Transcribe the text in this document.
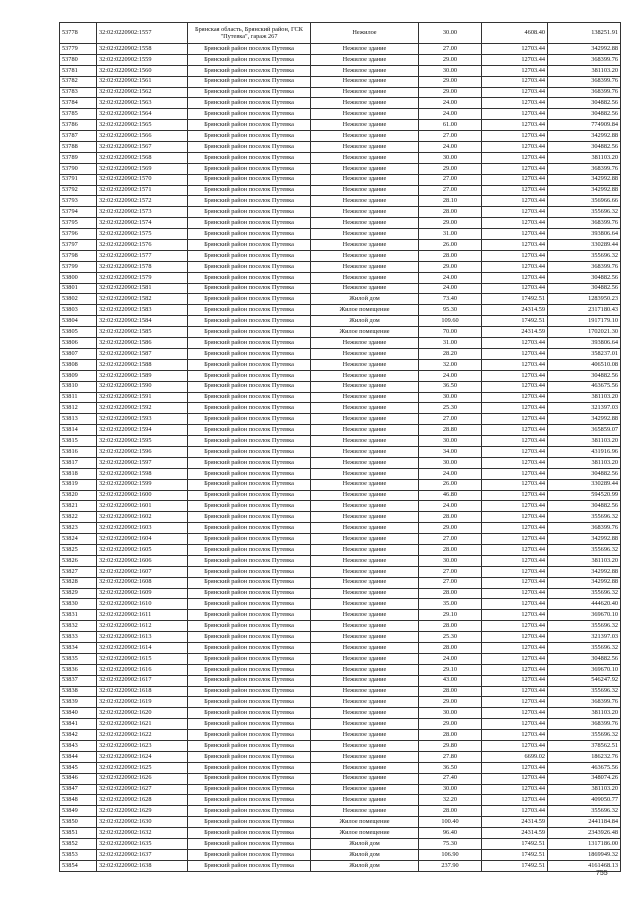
53778	32:02:0220902:1557	Брянская область, Брянский район, ГСК "Путевка", гараж 267	Нежилое	30.00	4608.40	138251.91
53779	32:02:0220902:1558	Брянский район поселок Путевка	Нежилое здание	27.00	12703.44	342992.88
53780	32:02:0220902:1559	Брянский район поселок Путевка	Нежилое здание	29.00	12703.44	368399.76
53781	32:02:0220902:1560	Брянский район поселок Путевка	Нежилое здание	30.00	12703.44	381103.20
53782	32:02:0220902:1561	Брянский район поселок Путевка	Нежилое здание	29.00	12703.44	368399.76
53783	32:02:0220902:1562	Брянский район поселок Путевка	Нежилое здание	29.00	12703.44	368399.76
53784	32:02:0220902:1563	Брянский район поселок Путевка	Нежилое здание	24.00	12703.44	304882.56
53785	32:02:0220902:1564	Брянский район поселок Путевка	Нежилое здание	24.00	12703.44	304882.56
53786	32:02:0220902:1565	Брянский район поселок Путевка	Нежилое здание	61.00	12703.44	774909.84
53787	32:02:0220902:1566	Брянский район поселок Путевка	Нежилое здание	27.00	12703.44	342992.88
53788	32:02:0220902:1567	Брянский район поселок Путевка	Нежилое здание	24.00	12703.44	304882.56
53789	32:02:0220902:1568	Брянский район поселок Путевка	Нежилое здание	30.00	12703.44	381103.20
53790	32:02:0220902:1569	Брянский район поселок Путевка	Нежилое здание	29.00	12703.44	368399.76
53791	32:02:0220902:1570	Брянский район поселок Путевка	Нежилое здание	27.00	12703.44	342992.88
53792	32:02:0220902:1571	Брянский район поселок Путевка	Нежилое здание	27.00	12703.44	342992.88
53793	32:02:0220902:1572	Брянский район поселок Путевка	Нежилое здание	28.10	12703.44	356966.66
53794	32:02:0220902:1573	Брянский район поселок Путевка	Нежилое здание	28.00	12703.44	355696.32
53795	32:02:0220902:1574	Брянский район поселок Путевка	Нежилое здание	29.00	12703.44	368399.76
53796	32:02:0220902:1575	Брянский район поселок Путевка	Нежилое здание	31.00	12703.44	393806.64
53797	32:02:0220902:1576	Брянский район поселок Путевка	Нежилое здание	26.00	12703.44	330289.44
53798	32:02:0220902:1577	Брянский район поселок Путевка	Нежилое здание	28.00	12703.44	355696.32
53799	32:02:0220902:1578	Брянский район поселок Путевка	Нежилое здание	29.00	12703.44	368399.76
53800	32:02:0220902:1579	Брянский район поселок Путевка	Нежилое здание	24.00	12703.44	304882.56
53801	32:02:0220902:1581	Брянский район поселок Путевка	Нежилое здание	24.00	12703.44	304882.56
53802	32:02:0220902:1582	Брянский район поселок Путевка	Жилой дом	73.40	17492.51	1283950.23
53803	32:02:0220902:1583	Брянский район поселок Путевка	Жилое помещение	95.30	24314.59	2317180.43
53804	32:02:0220902:1584	Брянский район поселок Путевка	Жилой дом	109.60	17492.51	1917179.10
53805	32:02:0220902:1585	Брянский район поселок Путевка	Жилое помещение	70.00	24314.59	1702021.30
53806	32:02:0220902:1586	Брянский район поселок Путевка	Нежилое здание	31.00	12703.44	393806.64
53807	32:02:0220902:1587	Брянский район поселок Путевка	Нежилое здание	28.20	12703.44	358237.01
53808	32:02:0220902:1588	Брянский район поселок Путевка	Нежилое здание	32.00	12703.44	406510.08
53809	32:02:0220902:1589	Брянский район поселок Путевка	Нежилое здание	24.00	12703.44	304882.56
53810	32:02:0220902:1590	Брянский район поселок Путевка	Нежилое здание	36.50	12703.44	463675.56
53811	32:02:0220902:1591	Брянский район поселок Путевка	Нежилое здание	30.00	12703.44	381103.20
53812	32:02:0220902:1592	Брянский район поселок Путевка	Нежилое здание	25.30	12703.44	321397.03
53813	32:02:0220902:1593	Брянский район поселок Путевка	Нежилое здание	27.00	12703.44	342992.88
53814	32:02:0220902:1594	Брянский район поселок Путевка	Нежилое здание	28.80	12703.44	365859.07
53815	32:02:0220902:1595	Брянский район поселок Путевка	Нежилое здание	30.00	12703.44	381103.20
53816	32:02:0220902:1596	Брянский район поселок Путевка	Нежилое здание	34.00	12703.44	431916.96
53817	32:02:0220902:1597	Брянский район поселок Путевка	Нежилое здание	30.00	12703.44	381103.20
53818	32:02:0220902:1598	Брянский район поселок Путевка	Нежилое здание	24.00	12703.44	304882.56
53819	32:02:0220902:1599	Брянский район поселок Путевка	Нежилое здание	26.00	12703.44	330289.44
53820	32:02:0220902:1600	Брянский район поселок Путевка	Нежилое здание	46.80	12703.44	594520.99
53821	32:02:0220902:1601	Брянский район поселок Путевка	Нежилое здание	24.00	12703.44	304882.56
53822	32:02:0220902:1602	Брянский район поселок Путевка	Нежилое здание	28.00	12703.44	355696.32
53823	32:02:0220902:1603	Брянский район поселок Путевка	Нежилое здание	29.00	12703.44	368399.76
53824	32:02:0220902:1604	Брянский район поселок Путевка	Нежилое здание	27.00	12703.44	342992.88
53825	32:02:0220902:1605	Брянский район поселок Путевка	Нежилое здание	28.00	12703.44	355696.32
53826	32:02:0220902:1606	Брянский район поселок Путевка	Нежилое здание	30.00	12703.44	381103.20
53827	32:02:0220902:1607	Брянский район поселок Путевка	Нежилое здание	27.00	12703.44	342992.88
53828	32:02:0220902:1608	Брянский район поселок Путевка	Нежилое здание	27.00	12703.44	342992.88
53829	32:02:0220902:1609	Брянский район поселок Путевка	Нежилое здание	28.00	12703.44	355696.32
53830	32:02:0220902:1610	Брянский район поселок Путевка	Нежилое здание	35.00	12703.44	444620.40
53831	32:02:0220902:1611	Брянский район поселок Путевка	Нежилое здание	29.10	12703.44	369670.10
53832	32:02:0220902:1612	Брянский район поселок Путевка	Нежилое здание	28.00	12703.44	355696.32
53833	32:02:0220902:1613	Брянский район поселок Путевка	Нежилое здание	25.30	12703.44	321397.03
53834	32:02:0220902:1614	Брянский район поселок Путевка	Нежилое здание	28.00	12703.44	355696.32
53835	32:02:0220902:1615	Брянский район поселок Путевка	Нежилое здание	24.00	12703.44	304882.56
53836	32:02:0220902:1616	Брянский район поселок Путевка	Нежилое здание	29.10	12703.44	369670.10
53837	32:02:0220902:1617	Брянский район поселок Путевка	Нежилое здание	43.00	12703.44	546247.92
53838	32:02:0220902:1618	Брянский район поселок Путевка	Нежилое здание	28.00	12703.44	355696.32
53839	32:02:0220902:1619	Брянский район поселок Путевка	Нежилое здание	29.00	12703.44	368399.76
53840	32:02:0220902:1620	Брянский район поселок Путевка	Нежилое здание	30.00	12703.44	381103.20
53841	32:02:0220902:1621	Брянский район поселок Путевка	Нежилое здание	29.00	12703.44	368399.76
53842	32:02:0220902:1622	Брянский район поселок Путевка	Нежилое здание	28.00	12703.44	355696.32
53843	32:02:0220902:1623	Брянский район поселок Путевка	Нежилое здание	29.80	12703.44	378562.51
53844	32:02:0220902:1624	Брянский район поселок Путевка	Нежилое здание	27.80	6699.02	186232.76
53845	32:02:0220902:1625	Брянский район поселок Путевка	Нежилое здание	36.50	12703.44	463675.56
53846	32:02:0220902:1626	Брянский район поселок Путевка	Нежилое здание	27.40	12703.44	348074.26
53847	32:02:0220902:1627	Брянский район поселок Путевка	Нежилое здание	30.00	12703.44	381103.20
53848	32:02:0220902:1628	Брянский район поселок Путевка	Нежилое здание	32.20	12703.44	409050.77
53849	32:02:0220902:1629	Брянский район поселок Путевка	Нежилое здание	28.00	12703.44	355696.32
53850	32:02:0220902:1630	Брянский район поселок Путевка	Жилое помещение	100.40	24314.59	2441184.84
53851	32:02:0220902:1632	Брянский район поселок Путевка	Жилое помещение	96.40	24314.59	2343926.48
53852	32:02:0220902:1635	Брянский район поселок Путевка	Жилой дом	75.30	17492.51	1317186.00
53853	32:02:0220902:1637	Брянский район поселок Путевка	Жилой дом	106.90	17492.51	1869949.32
53854	32:02:0220902:1638	Брянский район поселок Путевка	Жилой дом	237.90	17492.51	4161468.13
755
